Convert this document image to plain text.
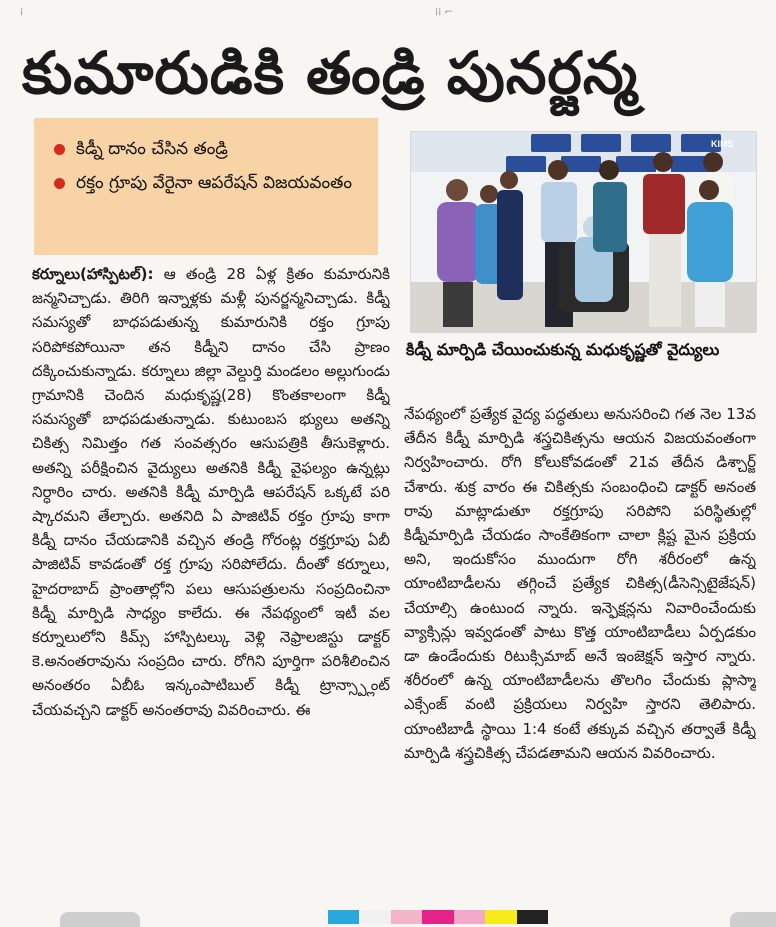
⁞	⁞⁞ ⌐
కుమారుడికి తండ్రి పునర్జన్మ
కిడ్నీ దానం చేసిన తండ్రి
రక్తం గ్రూపు వేరైనా ఆపరేషన్ విజయవంతం
కర్నూలు(హాస్పిటల్): ఆ తండ్రి 28 ఏళ్ల క్రితం కుమారునికి జన్మనిచ్చాడు. తిరిగి ఇన్నాళ్లకు మళ్లీ పునర్జన్మనిచ్చాడు. కిడ్నీ సమస్యతో బాధపడుతున్న కుమారునికి రక్తం గ్రూపు సరిపోకపోయినా తన కిడ్నీని దానం చేసి ప్రాణం దక్కించుకున్నాడు. కర్నూలు జిల్లా వెల్దుర్తి మండలం అల్లుగుండు గ్రామానికి చెందిన మధుకృష్ణ(28) కొంతకాలంగా కిడ్నీ సమస్యతో బాధపడుతున్నాడు. కుటుంబస భ్యులు అతన్ని చికిత్స నిమిత్తం గత సంవత్సరం ఆసుపత్రికి తీసుకెళ్లారు. అతన్ని పరీక్షించిన వైద్యులు అతనికి కిడ్నీ వైఫల్యం ఉన్నట్లు నిర్ధారిం చారు. అతనికి కిడ్నీ మార్పిడి ఆపరేషన్ ఒక్కటే పరి ష్కారమని తేల్చారు. అతనిది ఏ పాజిటివ్ రక్తం గ్రూపు కాగా కిడ్నీ దానం చేయడానికి వచ్చిన తండ్రి గోరంట్ల రక్తగ్రూపు ఏబీ పాజిటివ్ కావడంతో రక్త గ్రూపు సరిపోలేదు. దీంతో కర్నూలు, హైదరాబాద్ ప్రాంతాల్లోని పలు ఆసుపత్రులను సంప్రదించినా కిడ్నీ మార్పిడి సాధ్యం కాలేదు. ఈ నేపథ్యంలో ఇటీ వల కర్నూలులోని కిమ్స్ హాస్పిటల్కు వెళ్లి నెఫ్రాలజిస్టు డాక్టర్ కె.అనంతరావును సంప్రదిం చారు. రోగిని పూర్తిగా పరిశీలించిన అనంతరం ఏబీఓ ఇన్కంపాటిబుల్ కిడ్నీ ట్రాన్స్ప్లాంట్ చేయవచ్చని డాక్టర్ అనంతరావు వివరించారు. ఈ
KIMS
కిడ్నీ మార్పిడి చేయించుకున్న మధుకృష్ణతో వైద్యులు
నేపథ్యంలో ప్రత్యేక వైద్య పద్ధతులు అనుసరించి గత నెల 13వ తేదీన కిడ్నీ మార్పిడి శస్త్రచికిత్సను ఆయన విజయవంతంగా నిర్వహించారు. రోగి కోలుకోవడంతో 21వ తేదీన డిశ్చార్జ్ చేశారు. శుక్ర వారం ఈ చికిత్సకు సంబంధించి డాక్టర్ అనంత రావు మాట్లాడుతూ రక్తగ్రూపు సరిపోని పరిస్థితుల్లో కిడ్నీమార్పిడి చేయడం సాంకేతికంగా చాలా క్లిష్ట మైన ప్రక్రియ అని, ఇందుకోసం ముందుగా రోగి శరీరంలో ఉన్న యాంటిబాడీలను తగ్గించే ప్రత్యేక చికిత్స(డీసెన్సిటైజేషన్) చేయాల్సి ఉంటుంద న్నారు. ఇన్ఫెక్షన్లను నివారించేందుకు వ్యాక్సిన్లు ఇవ్వడంతో పాటు కొత్త యాంటిబాడీలు ఏర్పడకుం డా ఉండేందుకు రిటుక్సిమాబ్ అనే ఇంజెక్షన్ ఇస్తార న్నారు. శరీరంలో ఉన్న యాంటిబాడీలను తొలగిం చేందుకు ప్లాస్మా ఎక్సేంజ్ వంటి ప్రక్రియలు నిర్వహి స్తారని తెలిపారు. యాంటిబాడీ స్థాయి 1:4 కంటే తక్కువ వచ్చిన తర్వాతే కిడ్నీ మార్పిడి శస్త్రచికిత్స చేపడతామని ఆయన వివరించారు.
